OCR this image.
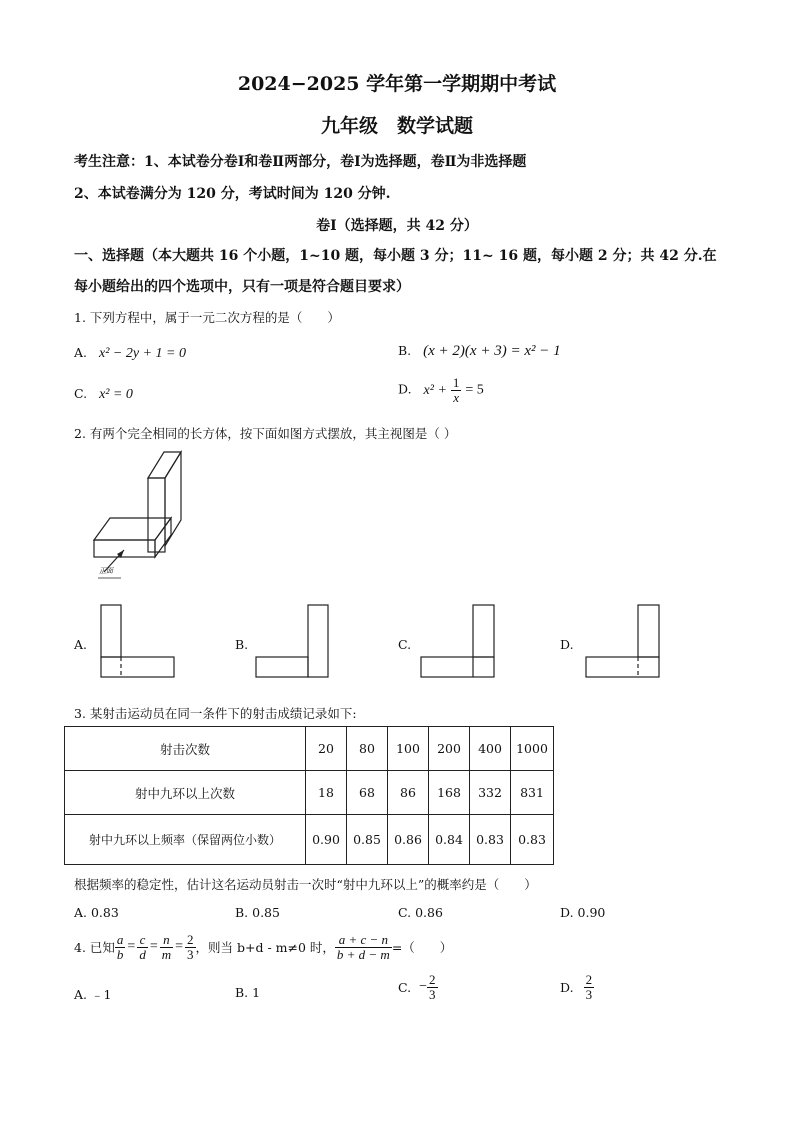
2024−2025 学年第一学期期中考试
九年级　数学试题
考生注意：1、本试卷分卷Ⅰ和卷Ⅱ两部分，卷Ⅰ为选择题，卷Ⅱ为非选择题
2、本试卷满分为 120 分，考试时间为 120 分钟.
卷Ⅰ（选择题，共 42 分）
一、选择题（本大题共 16 个小题，1~10 题，每小题 3 分；11~ 16 题，每小题 2 分；共 42 分.在
每小题给出的四个选项中，只有一项是符合题目要求）
1. 下列方程中，属于一元二次方程的是（　　）
A. x² − 2y + 1 = 0	B. (x + 2)(x + 3) = x² − 1
C. x² = 0	D. $x^2 + \frac{1}{x} = 5$
2. 有两个完全相同的长方体，按下面如图方式摆放，其主视图是（ ）
正面
A.	B.	C.	D.
3. 某射击运动员在同一条件下的射击成绩记录如下:
射击次数	20	80	100	200	400	1000
射中九环以上次数	18	68	86	168	332	831
射中九环以上频率（保留两位小数）	0.90	0.85	0.86	0.84	0.83	0.83
根据频率的稳定性，估计这名运动员射击一次时“射中九环以上”的概率约是（　　）
A. 0.83	B. 0.85	C. 0.86	D. 0.90
4. 已知 $\frac{a}{b} = \frac{c}{d} = \frac{n}{m} = \frac{2}{3}$ ，则当 b+d - m≠0 时， $\frac{a + c - n}{b + d - m}$ =（　　）
A. ﹣1	B. 1	C. − $\frac{2}{3}$	D. $\frac{2}{3}$
